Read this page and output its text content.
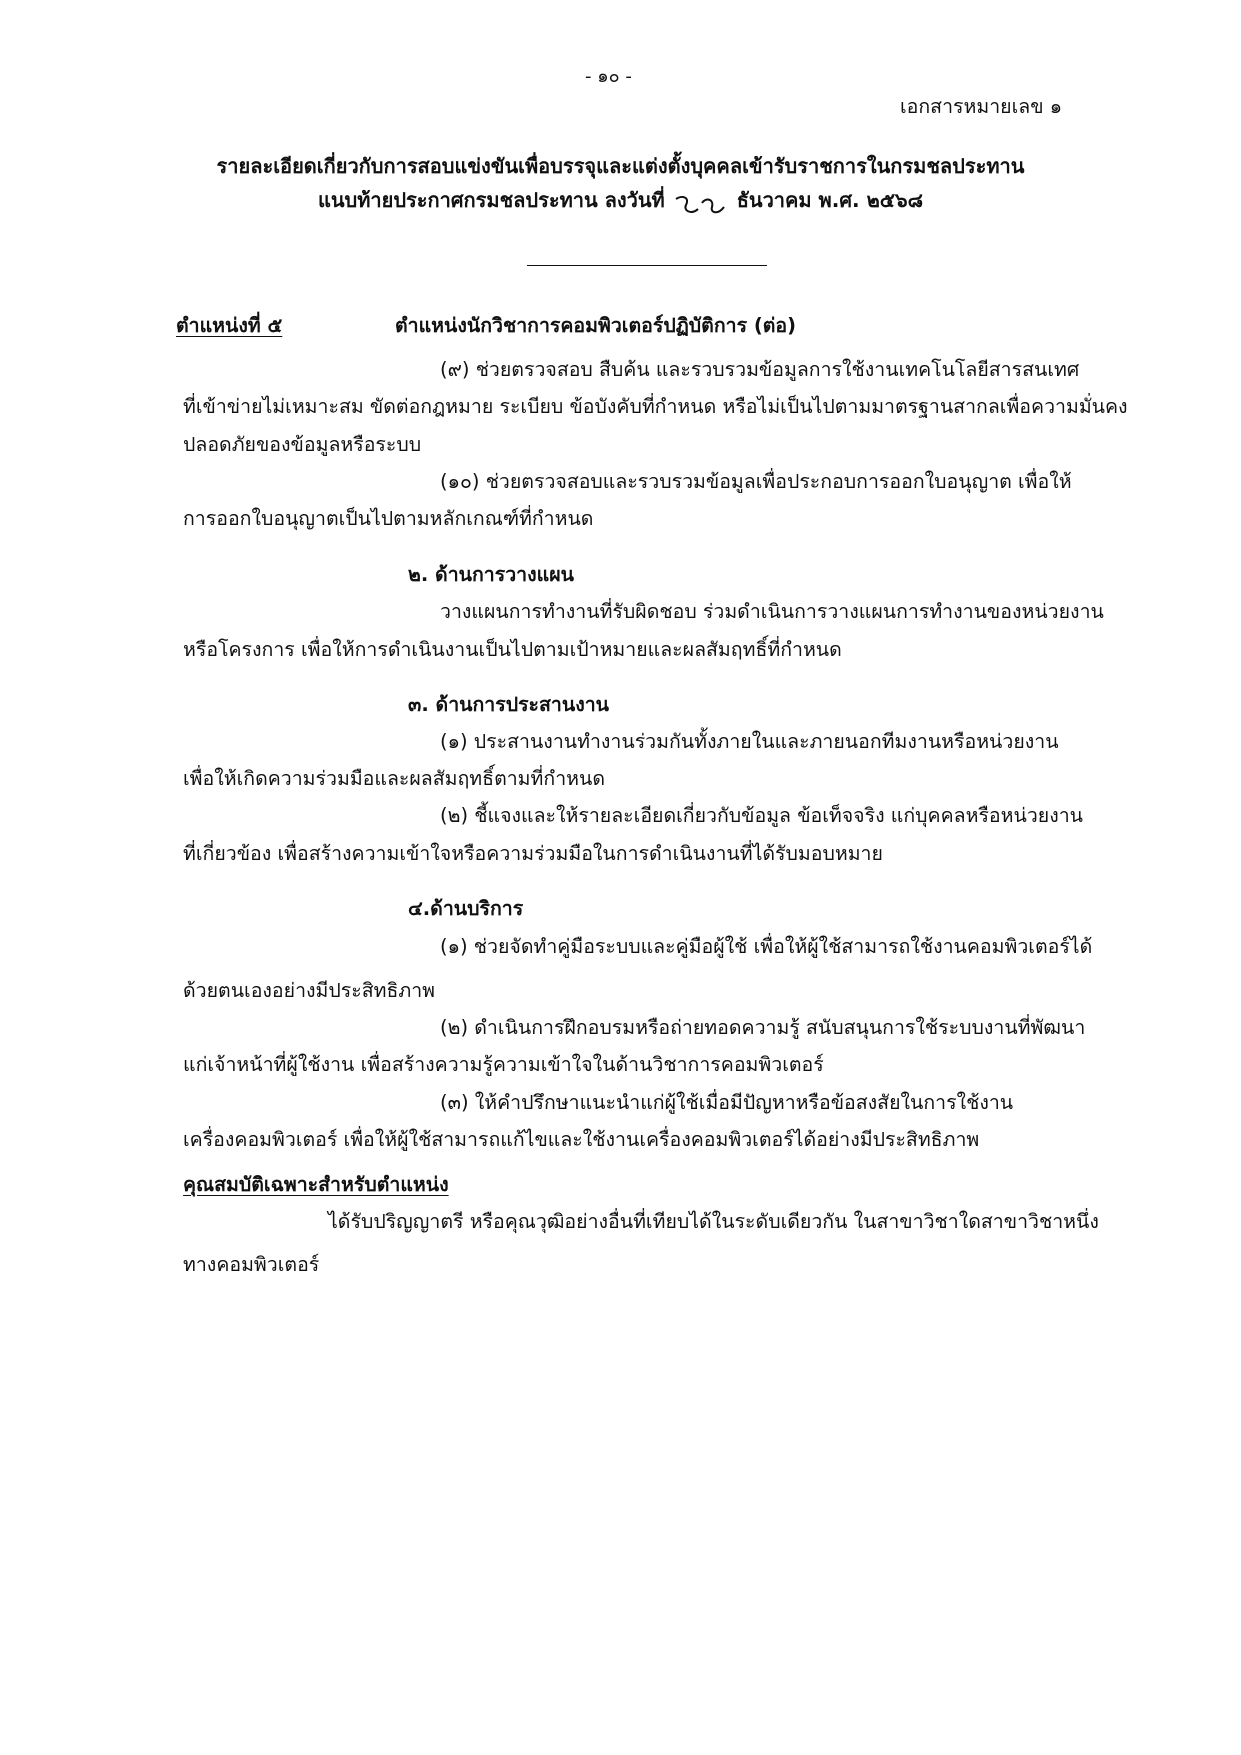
- ๑๐ -
เอกสารหมายเลข ๑
รายละเอียดเกี่ยวกับการสอบแข่งขันเพื่อบรรจุและแต่งตั้งบุคคลเข้ารับราชการในกรมชลประทาน
แนบท้ายประกาศกรมชลประทาน ลงวันที่	ธันวาคม พ.ศ. ๒๕๖๘
ตำแหน่งที่ ๕	ตำแหน่งนักวิชาการคอมพิวเตอร์ปฏิบัติการ (ต่อ)
(๙) ช่วยตรวจสอบ สืบค้น และรวบรวมข้อมูลการใช้งานเทคโนโลยีสารสนเทศ
ที่เข้าข่ายไม่เหมาะสม ขัดต่อกฎหมาย ระเบียบ ข้อบังคับที่กำหนด หรือไม่เป็นไปตามมาตรฐานสากลเพื่อความมั่นคง
ปลอดภัยของข้อมูลหรือระบบ
(๑๐) ช่วยตรวจสอบและรวบรวมข้อมูลเพื่อประกอบการออกใบอนุญาต เพื่อให้
การออกใบอนุญาตเป็นไปตามหลักเกณฑ์ที่กำหนด
๒. ด้านการวางแผน
วางแผนการทำงานที่รับผิดชอบ ร่วมดำเนินการวางแผนการทำงานของหน่วยงาน
หรือโครงการ เพื่อให้การดำเนินงานเป็นไปตามเป้าหมายและผลสัมฤทธิ์ที่กำหนด
๓. ด้านการประสานงาน
(๑) ประสานงานทำงานร่วมกันทั้งภายในและภายนอกทีมงานหรือหน่วยงาน
เพื่อให้เกิดความร่วมมือและผลสัมฤทธิ์ตามที่กำหนด
(๒) ชี้แจงและให้รายละเอียดเกี่ยวกับข้อมูล ข้อเท็จจริง แก่บุคคลหรือหน่วยงาน
ที่เกี่ยวข้อง เพื่อสร้างความเข้าใจหรือความร่วมมือในการดำเนินงานที่ได้รับมอบหมาย
๔.ด้านบริการ
(๑) ช่วยจัดทำคู่มือระบบและคู่มือผู้ใช้ เพื่อให้ผู้ใช้สามารถใช้งานคอมพิวเตอร์ได้
ด้วยตนเองอย่างมีประสิทธิภาพ
(๒) ดำเนินการฝึกอบรมหรือถ่ายทอดความรู้ สนับสนุนการใช้ระบบงานที่พัฒนา
แก่เจ้าหน้าที่ผู้ใช้งาน เพื่อสร้างความรู้ความเข้าใจในด้านวิชาการคอมพิวเตอร์
(๓) ให้คำปรึกษาแนะนำแก่ผู้ใช้เมื่อมีปัญหาหรือข้อสงสัยในการใช้งาน
เครื่องคอมพิวเตอร์ เพื่อให้ผู้ใช้สามารถแก้ไขและใช้งานเครื่องคอมพิวเตอร์ได้อย่างมีประสิทธิภาพ
คุณสมบัติเฉพาะสำหรับตำแหน่ง
ได้รับปริญญาตรี หรือคุณวุฒิอย่างอื่นที่เทียบได้ในระดับเดียวกัน ในสาขาวิชาใดสาขาวิชาหนึ่ง
ทางคอมพิวเตอร์
